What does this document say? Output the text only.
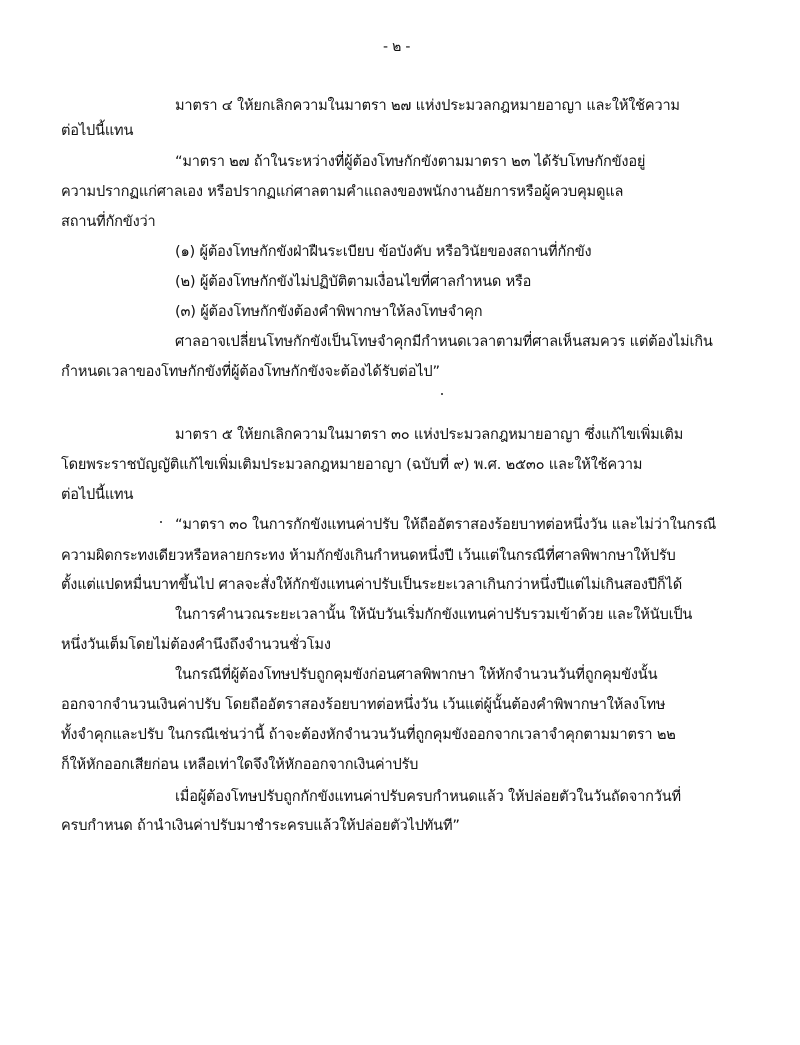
- ๒ -
มาตรา ๔ ให้ยกเลิกความในมาตรา ๒๗ แห่งประมวลกฎหมายอาญา และให้ใช้ความ
ต่อไปนี้แทน
“มาตรา ๒๗ ถ้าในระหว่างที่ผู้ต้องโทษกักขังตามมาตรา ๒๓ ได้รับโทษกักขังอยู่
ความปรากฏแก่ศาลเอง หรือปรากฏแก่ศาลตามคำแถลงของพนักงานอัยการหรือผู้ควบคุมดูแล
สถานที่กักขังว่า
(๑) ผู้ต้องโทษกักขังฝ่าฝืนระเบียบ ข้อบังคับ หรือวินัยของสถานที่กักขัง
(๒) ผู้ต้องโทษกักขังไม่ปฏิบัติตามเงื่อนไขที่ศาลกำหนด หรือ
(๓) ผู้ต้องโทษกักขังต้องคำพิพากษาให้ลงโทษจำคุก
ศาลอาจเปลี่ยนโทษกักขังเป็นโทษจำคุกมีกำหนดเวลาตามที่ศาลเห็นสมควร แต่ต้องไม่เกิน
กำหนดเวลาของโทษกักขังที่ผู้ต้องโทษกักขังจะต้องได้รับต่อไป”
มาตรา ๕ ให้ยกเลิกความในมาตรา ๓๐ แห่งประมวลกฎหมายอาญา ซึ่งแก้ไขเพิ่มเติม
โดยพระราชบัญญัติแก้ไขเพิ่มเติมประมวลกฎหมายอาญา (ฉบับที่ ๙) พ.ศ. ๒๕๓๐ และให้ใช้ความ
ต่อไปนี้แทน
“มาตรา ๓๐ ในการกักขังแทนค่าปรับ ให้ถืออัตราสองร้อยบาทต่อหนึ่งวัน และไม่ว่าในกรณี
ความผิดกระทงเดียวหรือหลายกระทง ห้ามกักขังเกินกำหนดหนึ่งปี เว้นแต่ในกรณีที่ศาลพิพากษาให้ปรับ
ตั้งแต่แปดหมื่นบาทขึ้นไป ศาลจะสั่งให้กักขังแทนค่าปรับเป็นระยะเวลาเกินกว่าหนึ่งปีแต่ไม่เกินสองปีก็ได้
ในการคำนวณระยะเวลานั้น ให้นับวันเริ่มกักขังแทนค่าปรับรวมเข้าด้วย และให้นับเป็น
หนึ่งวันเต็มโดยไม่ต้องคำนึงถึงจำนวนชั่วโมง
ในกรณีที่ผู้ต้องโทษปรับถูกคุมขังก่อนศาลพิพากษา ให้หักจำนวนวันที่ถูกคุมขังนั้น
ออกจากจำนวนเงินค่าปรับ โดยถืออัตราสองร้อยบาทต่อหนึ่งวัน เว้นแต่ผู้นั้นต้องคำพิพากษาให้ลงโทษ
ทั้งจำคุกและปรับ ในกรณีเช่นว่านี้ ถ้าจะต้องหักจำนวนวันที่ถูกคุมขังออกจากเวลาจำคุกตามมาตรา ๒๒
ก็ให้หักออกเสียก่อน เหลือเท่าใดจึงให้หักออกจากเงินค่าปรับ
เมื่อผู้ต้องโทษปรับถูกกักขังแทนค่าปรับครบกำหนดแล้ว ให้ปล่อยตัวในวันถัดจากวันที่
ครบกำหนด ถ้านำเงินค่าปรับมาชำระครบแล้วให้ปล่อยตัวไปทันที”
